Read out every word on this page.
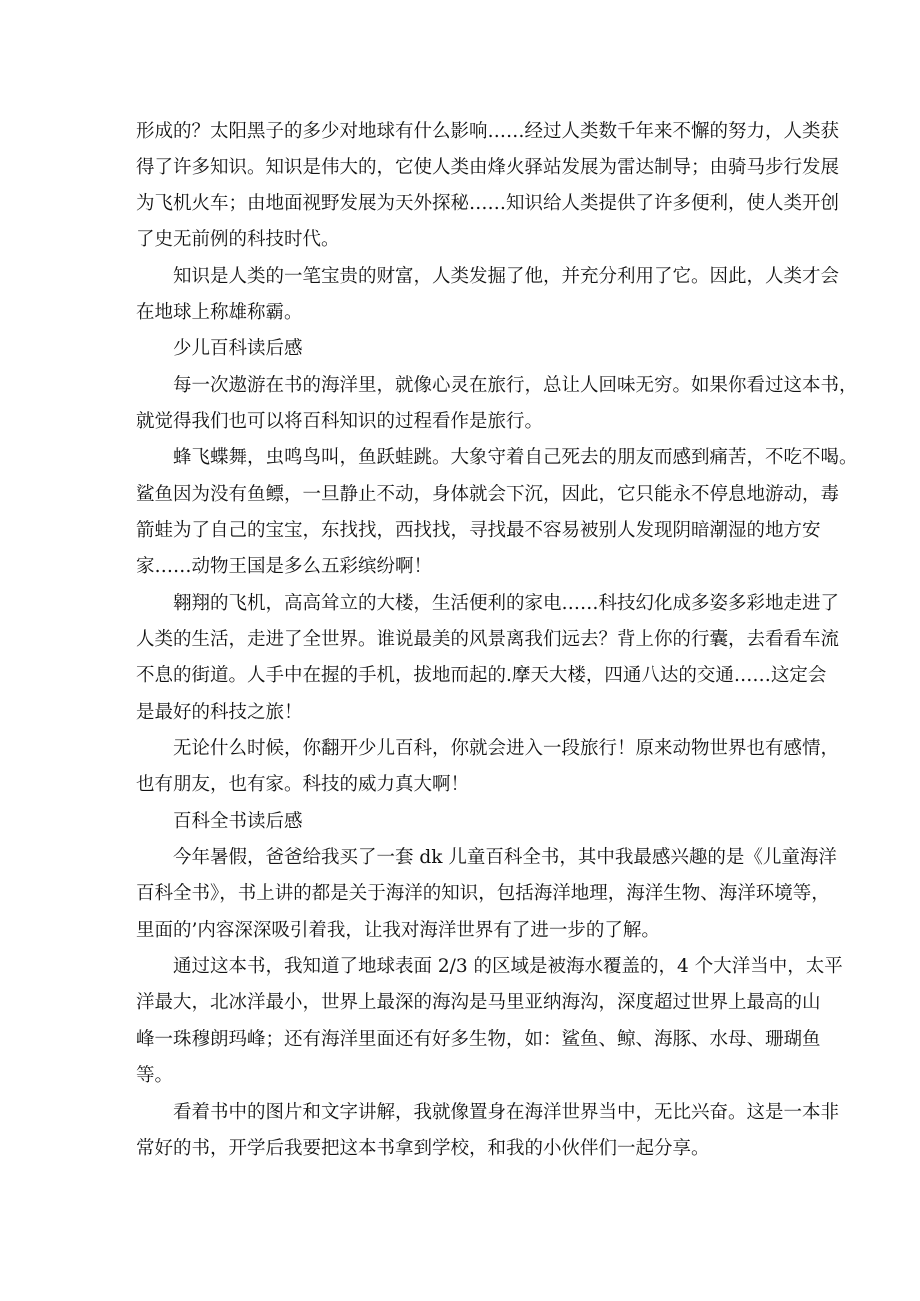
形成的？太阳黑子的多少对地球有什么影响……经过人类数千年来不懈的努力，人类获
得了许多知识。知识是伟大的，它使人类由烽火驿站发展为雷达制导；由骑马步行发展
为飞机火车；由地面视野发展为天外探秘……知识给人类提供了许多便利，使人类开创
了史无前例的科技时代。
知识是人类的一笔宝贵的财富，人类发掘了他，并充分利用了它。因此，人类才会
在地球上称雄称霸。
少儿百科读后感
每一次遨游在书的海洋里，就像心灵在旅行，总让人回味无穷。如果你看过这本书，
就觉得我们也可以将百科知识的过程看作是旅行。
蜂飞蝶舞，虫鸣鸟叫，鱼跃蛙跳。大象守着自己死去的朋友而感到痛苦，不吃不喝。
鲨鱼因为没有鱼鳔，一旦静止不动，身体就会下沉，因此，它只能永不停息地游动，毒
箭蛙为了自己的宝宝，东找找，西找找，寻找最不容易被别人发现阴暗潮湿的地方安
家……动物王国是多么五彩缤纷啊！
翱翔的飞机，高高耸立的大楼，生活便利的家电……科技幻化成多姿多彩地走进了
人类的生活，走进了全世界。谁说最美的风景离我们远去？背上你的行囊，去看看车流
不息的街道。人手中在握的手机，拔地而起的.摩天大楼，四通八达的交通……这定会
是最好的科技之旅！
无论什么时候，你翻开少儿百科，你就会进入一段旅行！原来动物世界也有感情，
也有朋友，也有家。科技的威力真大啊！
百科全书读后感
今年暑假，爸爸给我买了一套 dk 儿童百科全书，其中我最感兴趣的是《儿童海洋
百科全书》，书上讲的都是关于海洋的知识，包括海洋地理，海洋生物、海洋环境等，
里面的’内容深深吸引着我，让我对海洋世界有了进一步的了解。
通过这本书，我知道了地球表面 2/3 的区域是被海水覆盖的，4 个大洋当中，太平
洋最大，北冰洋最小，世界上最深的海沟是马里亚纳海沟，深度超过世界上最高的山
峰一珠穆朗玛峰；还有海洋里面还有好多生物，如：鲨鱼、鲸、海豚、水母、珊瑚鱼
等。
看着书中的图片和文字讲解，我就像置身在海洋世界当中，无比兴奋。这是一本非
常好的书，开学后我要把这本书拿到学校，和我的小伙伴们一起分享。
